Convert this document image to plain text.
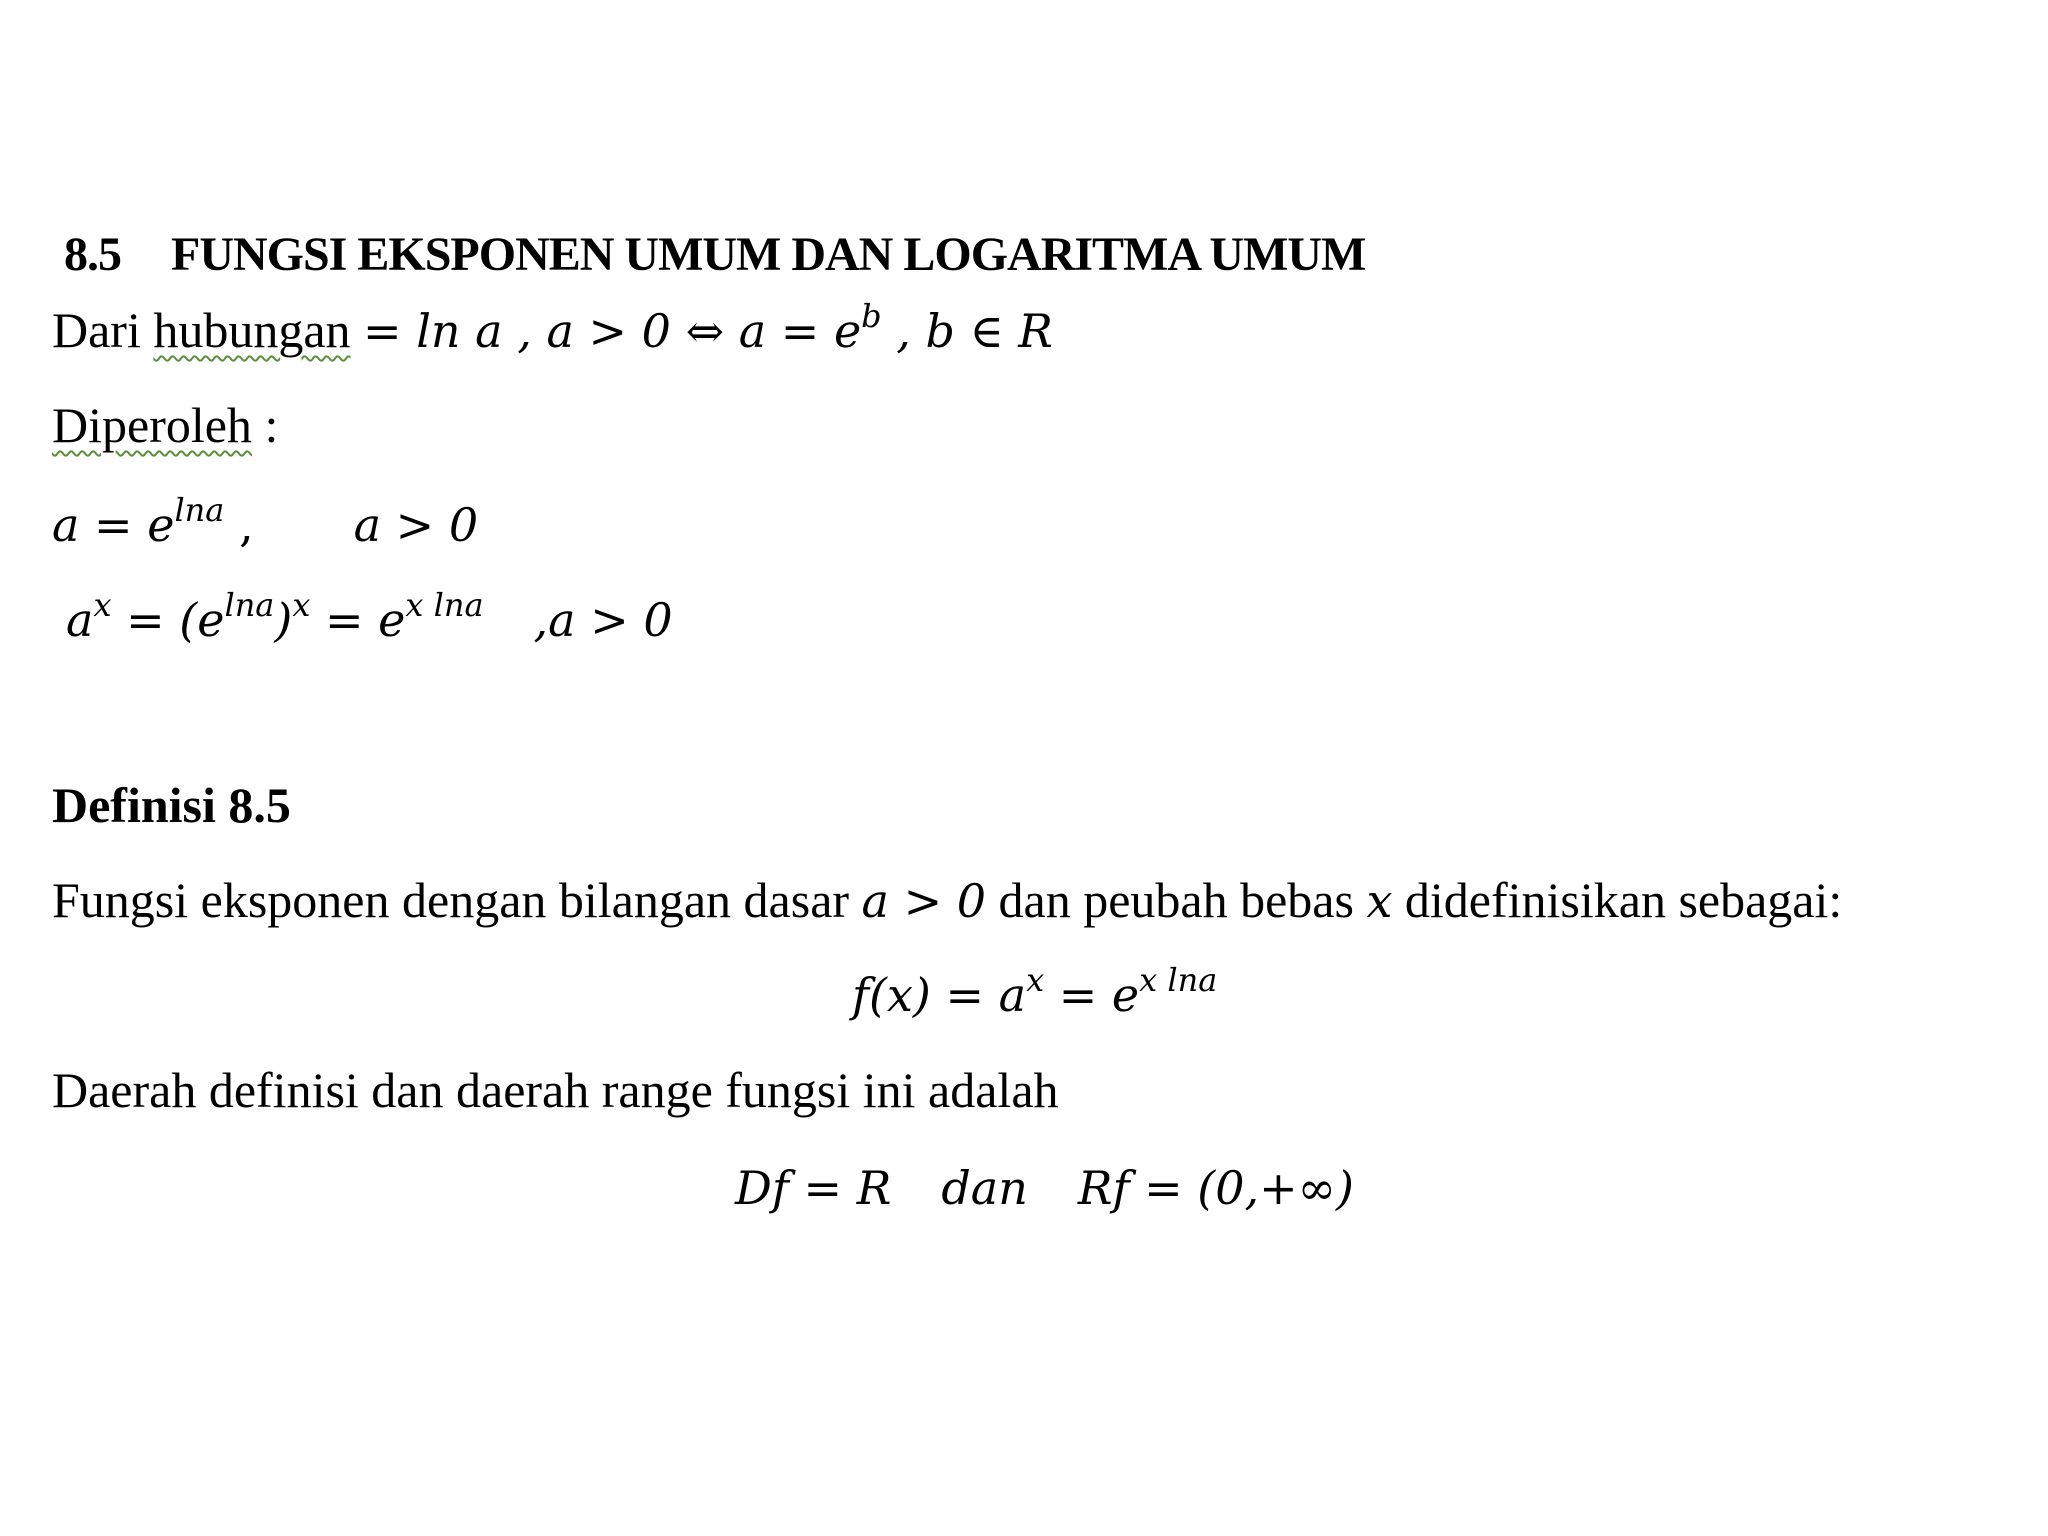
8.5 FUNGSI EKSPONEN UMUM DAN LOGARITMA UMUM
Dari hubungan = ln a , a > 0 ⇔ $a = e^b$ , b ∈ R
Diperoleh :
$a = e^{lna}$ , a > 0
$a^x = (e^{lna})^x = e^{x lna}$ ,a > 0
Definisi 8.5
Fungsi eksponen dengan bilangan dasar a > 0 dan peubah bebas x didefinisikan sebagai:
$f(x) = a^x = e^{x lna}$
Daerah definisi dan daerah range fungsi ini adalah
Df = R dan Rf = (0,+∞)
